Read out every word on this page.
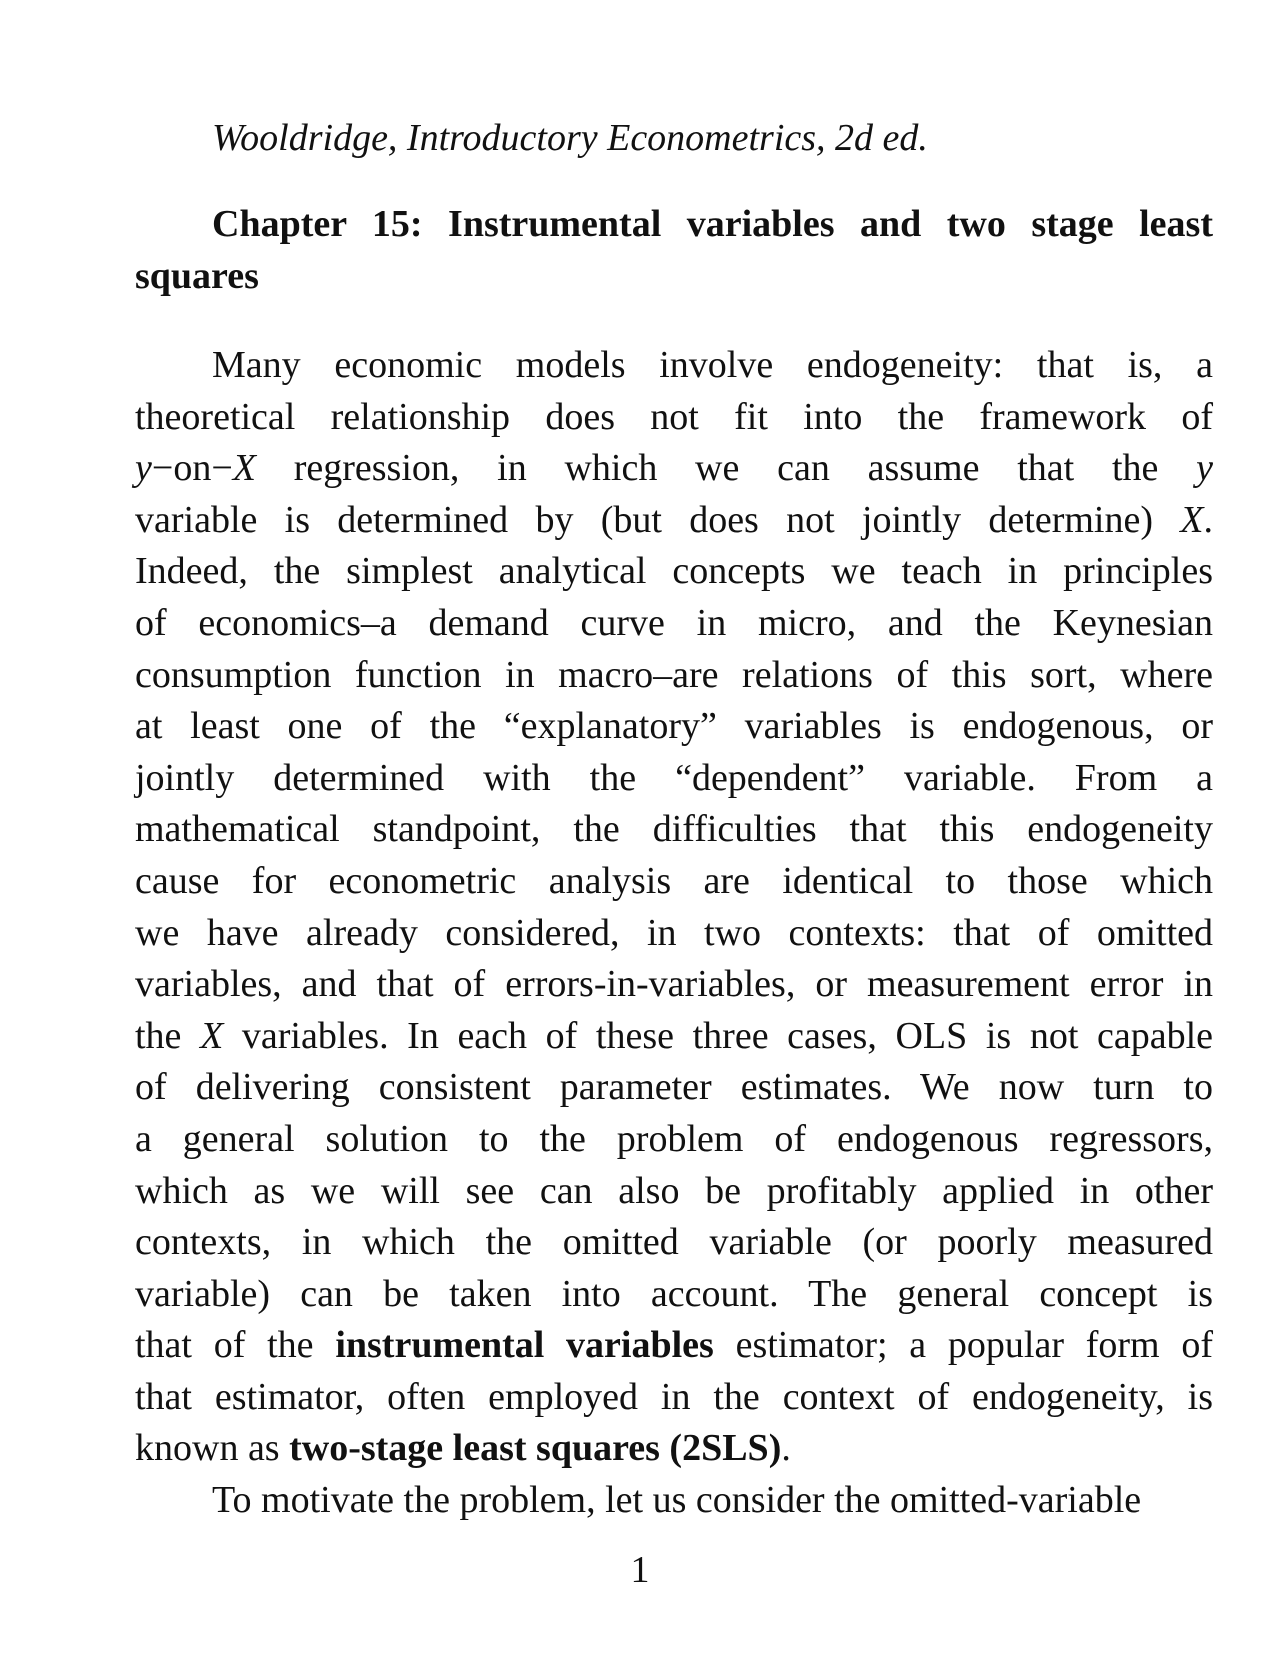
Wooldridge, Introductory Econometrics, 2d ed.
Chapter 15: Instrumental variables and two stage least squares
Many economic models involve endogeneity: that is, a
theoretical relationship does not fit into the framework of
y−on−X regression, in which we can assume that the y
variable is determined by (but does not jointly determine) X.
Indeed, the simplest analytical concepts we teach in principles
of economics–a demand curve in micro, and the Keynesian
consumption function in macro–are relations of this sort, where
at least one of the “explanatory” variables is endogenous, or
jointly determined with the “dependent” variable. From a
mathematical standpoint, the difficulties that this endogeneity
cause for econometric analysis are identical to those which
we have already considered, in two contexts: that of omitted
variables, and that of errors-in-variables, or measurement error in
the X variables. In each of these three cases, OLS is not capable
of delivering consistent parameter estimates. We now turn to
a general solution to the problem of endogenous regressors,
which as we will see can also be profitably applied in other
contexts, in which the omitted variable (or poorly measured
variable) can be taken into account. The general concept is
that of the instrumental variables estimator; a popular form of
that estimator, often employed in the context of endogeneity, is
known as two-stage least squares (2SLS).
To motivate the problem, let us consider the omitted-variable
1
